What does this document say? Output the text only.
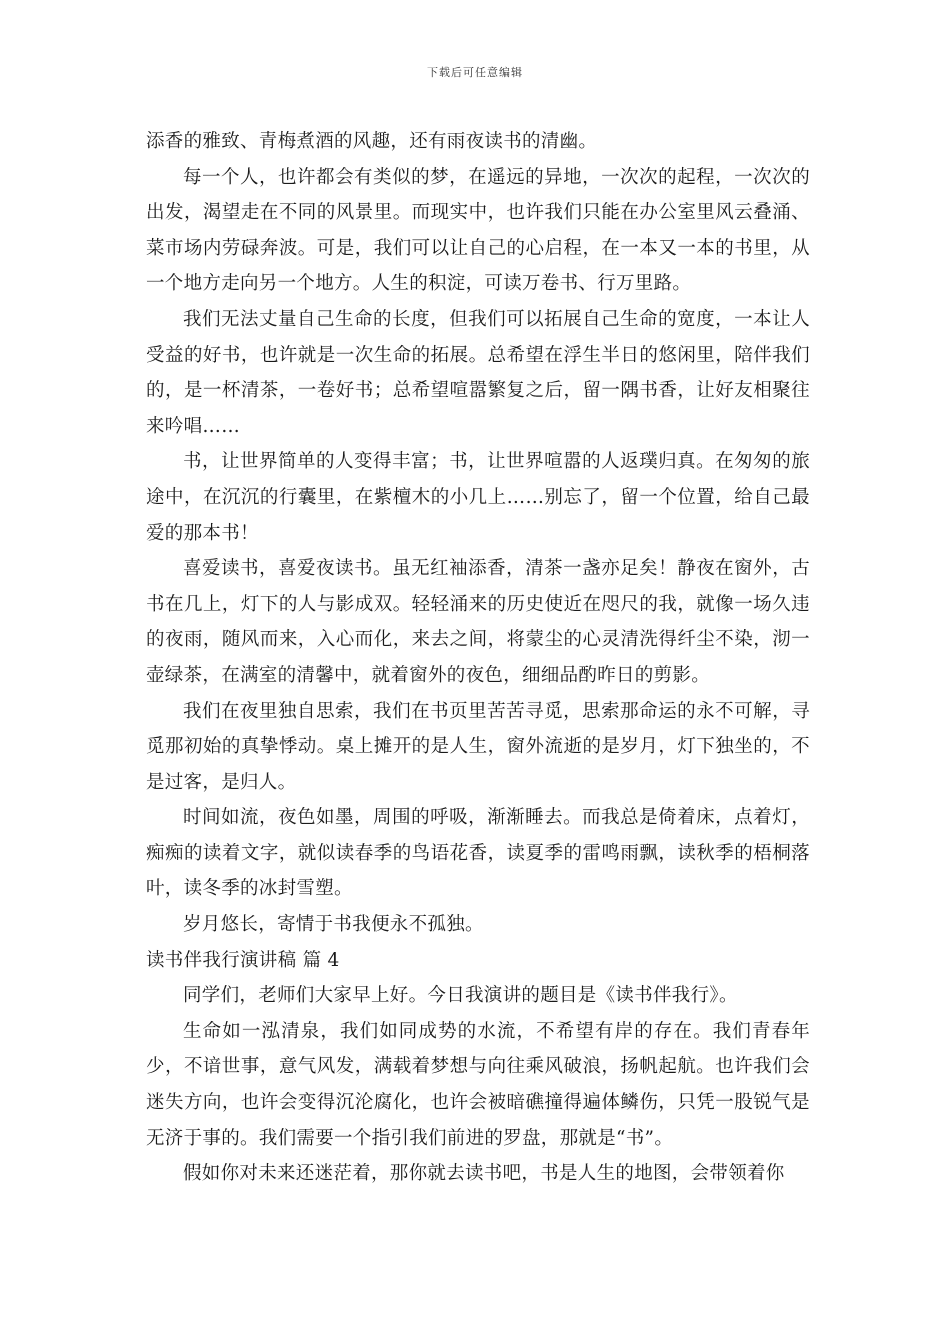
下载后可任意编辑

添香的雅致、青梅煮酒的风趣，还有雨夜读书的清幽。

每一个人，也许都会有类似的梦，在遥远的异地，一次次的起程，一次次的出发，渴望走在不同的风景里。而现实中，也许我们只能在办公室里风云叠涌、菜市场内劳碌奔波。可是，我们可以让自己的心启程，在一本又一本的书里，从一个地方走向另一个地方。人生的积淀，可读万卷书、行万里路。

我们无法丈量自己生命的长度，但我们可以拓展自己生命的宽度，一本让人受益的好书，也许就是一次生命的拓展。总希望在浮生半日的悠闲里，陪伴我们的，是一杯清茶，一卷好书；总希望喧嚣繁复之后，留一隅书香，让好友相聚往来吟唱……

书，让世界简单的人变得丰富；书，让世界喧嚣的人返璞归真。在匆匆的旅途中，在沉沉的行囊里，在紫檀木的小几上……别忘了，留一个位置，给自己最爱的那本书！

喜爱读书，喜爱夜读书。虽无红袖添香，清茶一盏亦足矣！静夜在窗外，古书在几上，灯下的人与影成双。轻轻涌来的历史使近在咫尺的我，就像一场久违的夜雨，随风而来，入心而化，来去之间，将蒙尘的心灵清洗得纤尘不染，沏一壶绿茶，在满室的清馨中，就着窗外的夜色，细细品酌昨日的剪影。

我们在夜里独自思索，我们在书页里苦苦寻觅，思索那命运的永不可解，寻觅那初始的真挚悸动。桌上摊开的是人生，窗外流逝的是岁月，灯下独坐的，不是过客，是归人。

时间如流，夜色如墨，周围的呼吸，渐渐睡去。而我总是倚着床，点着灯，痴痴的读着文字，就似读春季的鸟语花香，读夏季的雷鸣雨飘，读秋季的梧桐落叶，读冬季的冰封雪塑。

岁月悠长，寄情于书我便永不孤独。

读书伴我行演讲稿 篇 4

同学们，老师们大家早上好。今日我演讲的题目是《读书伴我行》。

生命如一泓清泉，我们如同成势的水流，不希望有岸的存在。我们青春年少，不谙世事，意气风发，满载着梦想与向往乘风破浪，扬帆起航。也许我们会迷失方向，也许会变得沉沦腐化，也许会被暗礁撞得遍体鳞伤，只凭一股锐气是无济于事的。我们需要一个指引我们前进的罗盘，那就是“书”。

假如你对未来还迷茫着，那你就去读书吧，书是人生的地图，会带领着你
